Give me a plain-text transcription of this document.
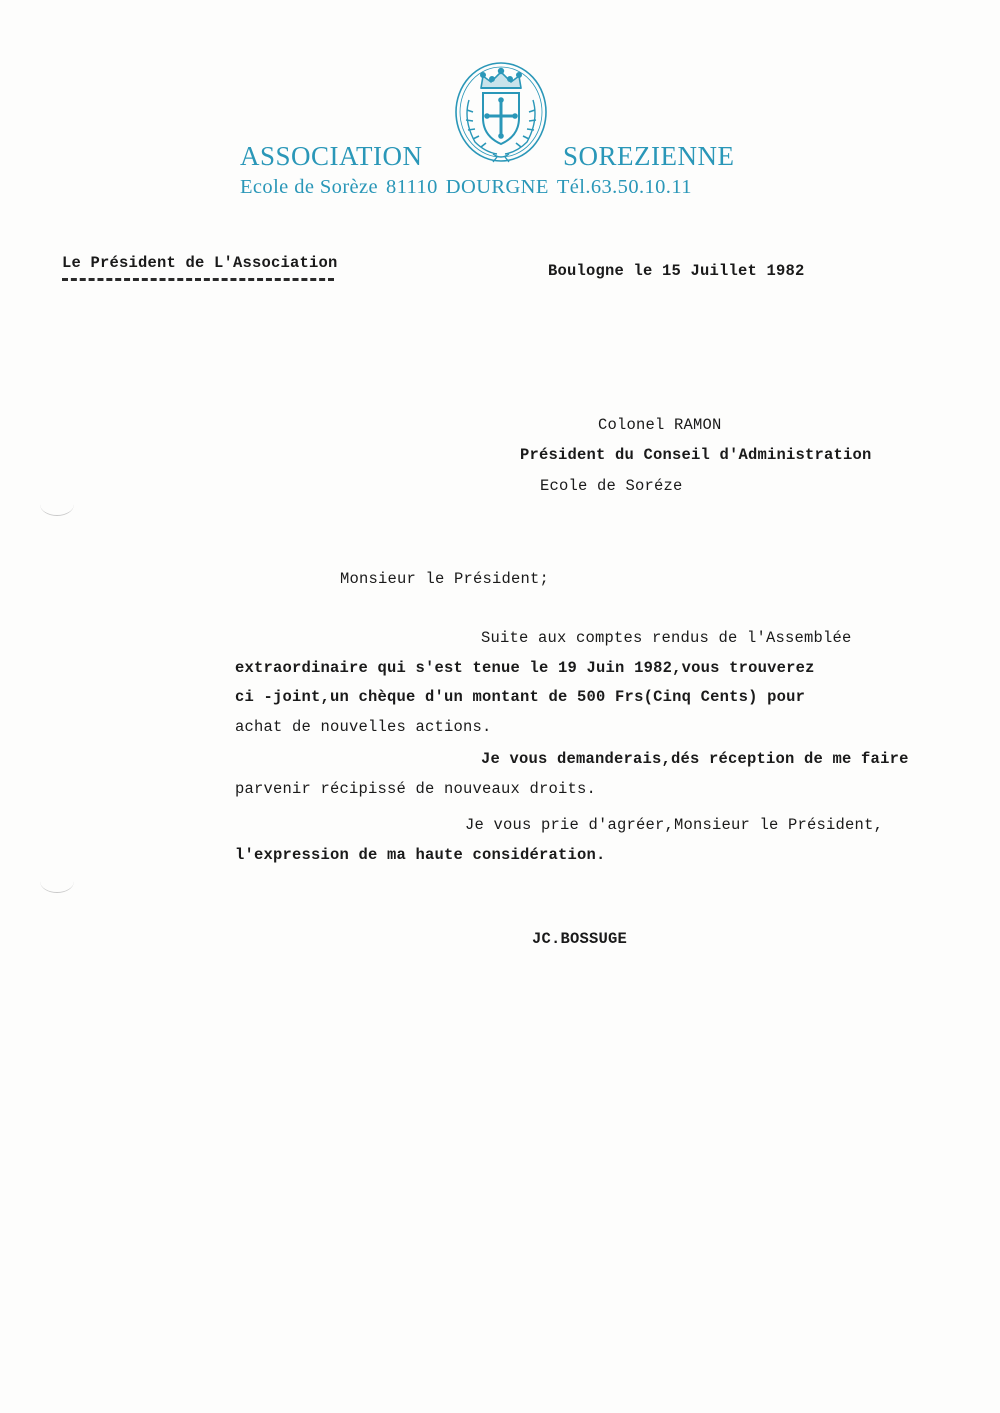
ASSOCIATION	SOREZIENNE
Ecole de Sorèze 81110 DOURGNE Tél.63.50.10.11
Le Président de L'Association	Boulogne le 15 Juillet 1982
Colonel RAMON
Président du Conseil d'Administration
Ecole de Soréze
Monsieur le Président;
Suite aux comptes rendus de l'Assemblée
extraordinaire qui s'est tenue le 19 Juin 1982,vous trouverez
ci -joint,un chèque d'un montant de 500 Frs(Cinq Cents) pour
achat de nouvelles actions.
Je vous demanderais,dés réception de me faire
parvenir récipissé de nouveaux droits.
Je vous prie d'agréer,Monsieur le Président,
l'expression de ma haute considération.
JC.BOSSUGE
